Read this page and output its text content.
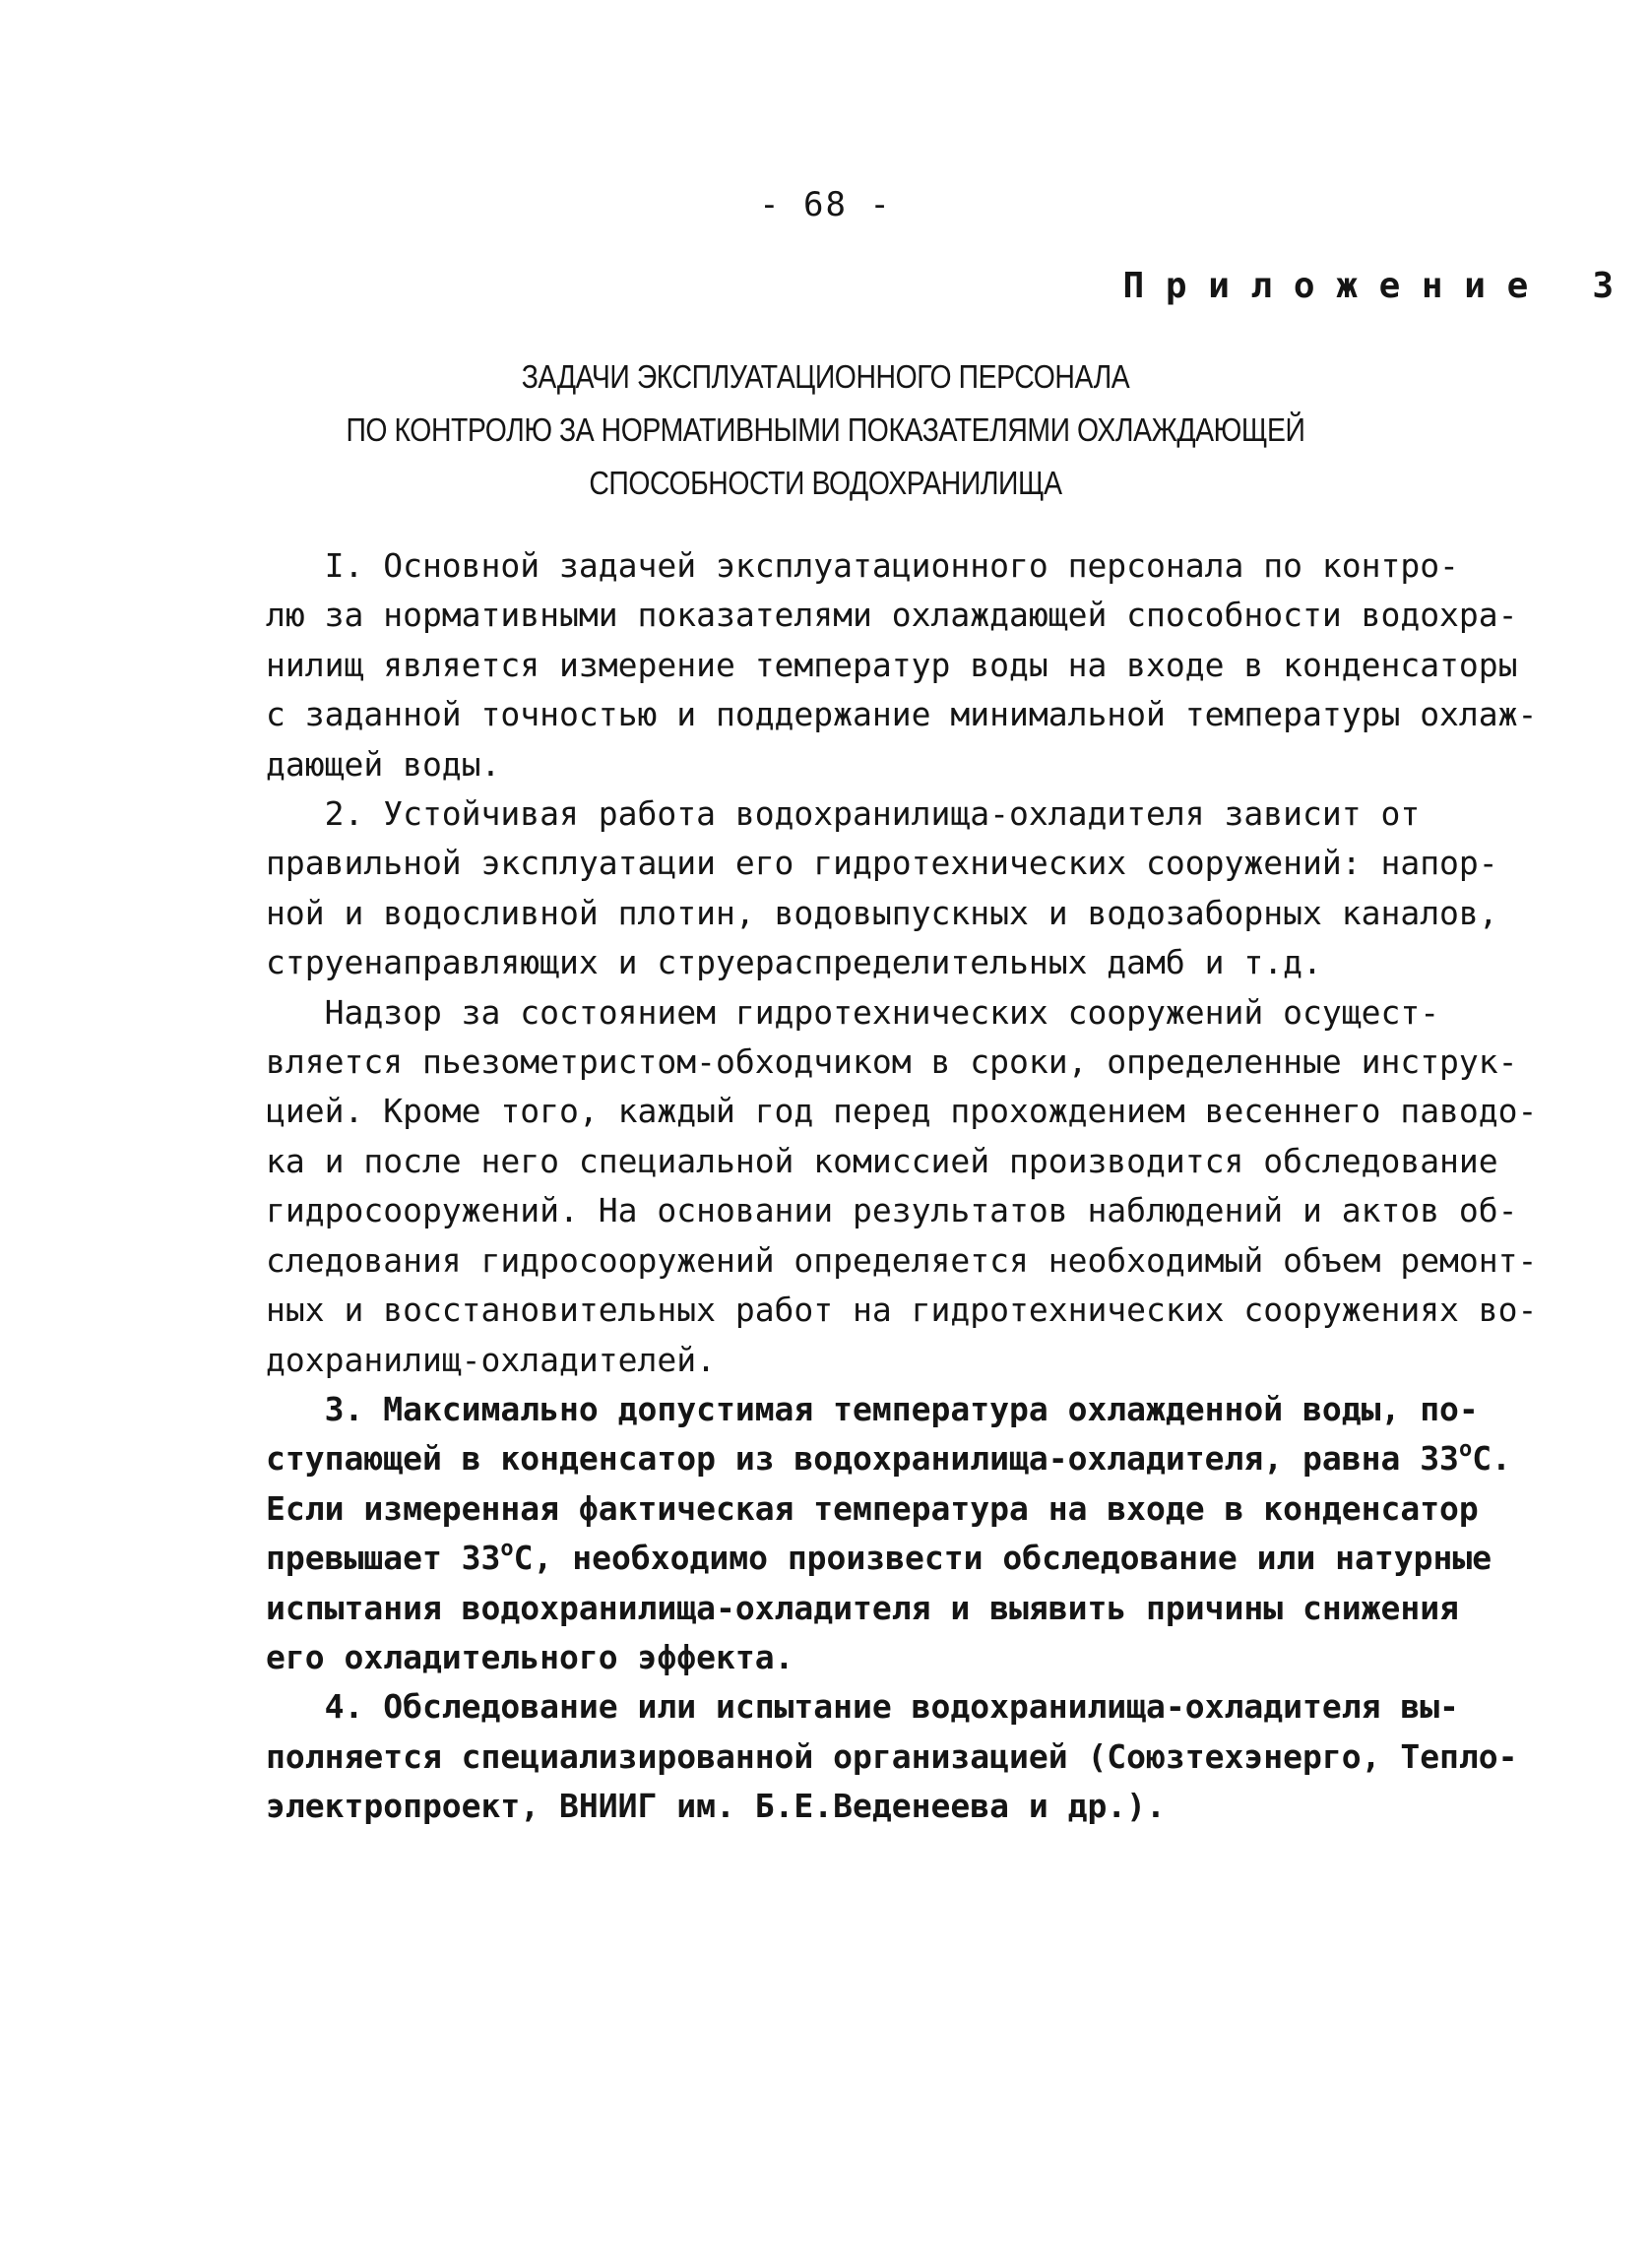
- 68 -
П р и л о ж е н и е   3
ЗАДАЧИ ЭКСПЛУАТАЦИОННОГО ПЕРСОНАЛА
ПО КОНТРОЛЮ ЗА НОРМАТИВНЫМИ ПОКАЗАТЕЛЯМИ ОХЛАЖДАЮЩЕЙ
СПОСОБНОСТИ ВОДОХРАНИЛИЩА
I. Основной задачей эксплуатационного персонала по контро-
лю за нормативными показателями охлаждающей способности водохра-
нилищ является измерение температур воды на входе в конденсаторы
с заданной точностью и поддержание минимальной температуры охлаж-
дающей воды.
2. Устойчивая работа водохранилища-охладителя зависит от
правильной эксплуатации его гидротехнических сооружений: напор-
ной и водосливной плотин, водовыпускных и водозаборных каналов,
струенаправляющих и струераспределительных дамб и т.д.
Надзор за состоянием гидротехнических сооружений осущест-
вляется пьезометристом-обходчиком в сроки, определенные инструк-
цией. Кроме того, каждый год перед прохождением весеннего паводо-
ка и после него специальной комиссией производится обследование
гидросооружений. На основании результатов наблюдений и актов об-
следования гидросооружений определяется необходимый объем ремонт-
ных и восстановительных работ на гидротехнических сооружениях во-
дохранилищ-охладителей.
3. Максимально допустимая температура охлажденной воды, по-
ступающей в конденсатор из водохранилища-охладителя, равна 33$^o$С.
Если измеренная фактическая температура на входе в конденсатор
превышает 33$^o$С, необходимо произвести обследование или натурные
испытания водохранилища-охладителя и выявить причины снижения
его охладительного эффекта.
4. Обследование или испытание водохранилища-охладителя вы-
полняется специализированной организацией (Союзтехэнерго, Тепло-
электропроект, ВНИИГ им. Б.Е.Веденеева и др.).
